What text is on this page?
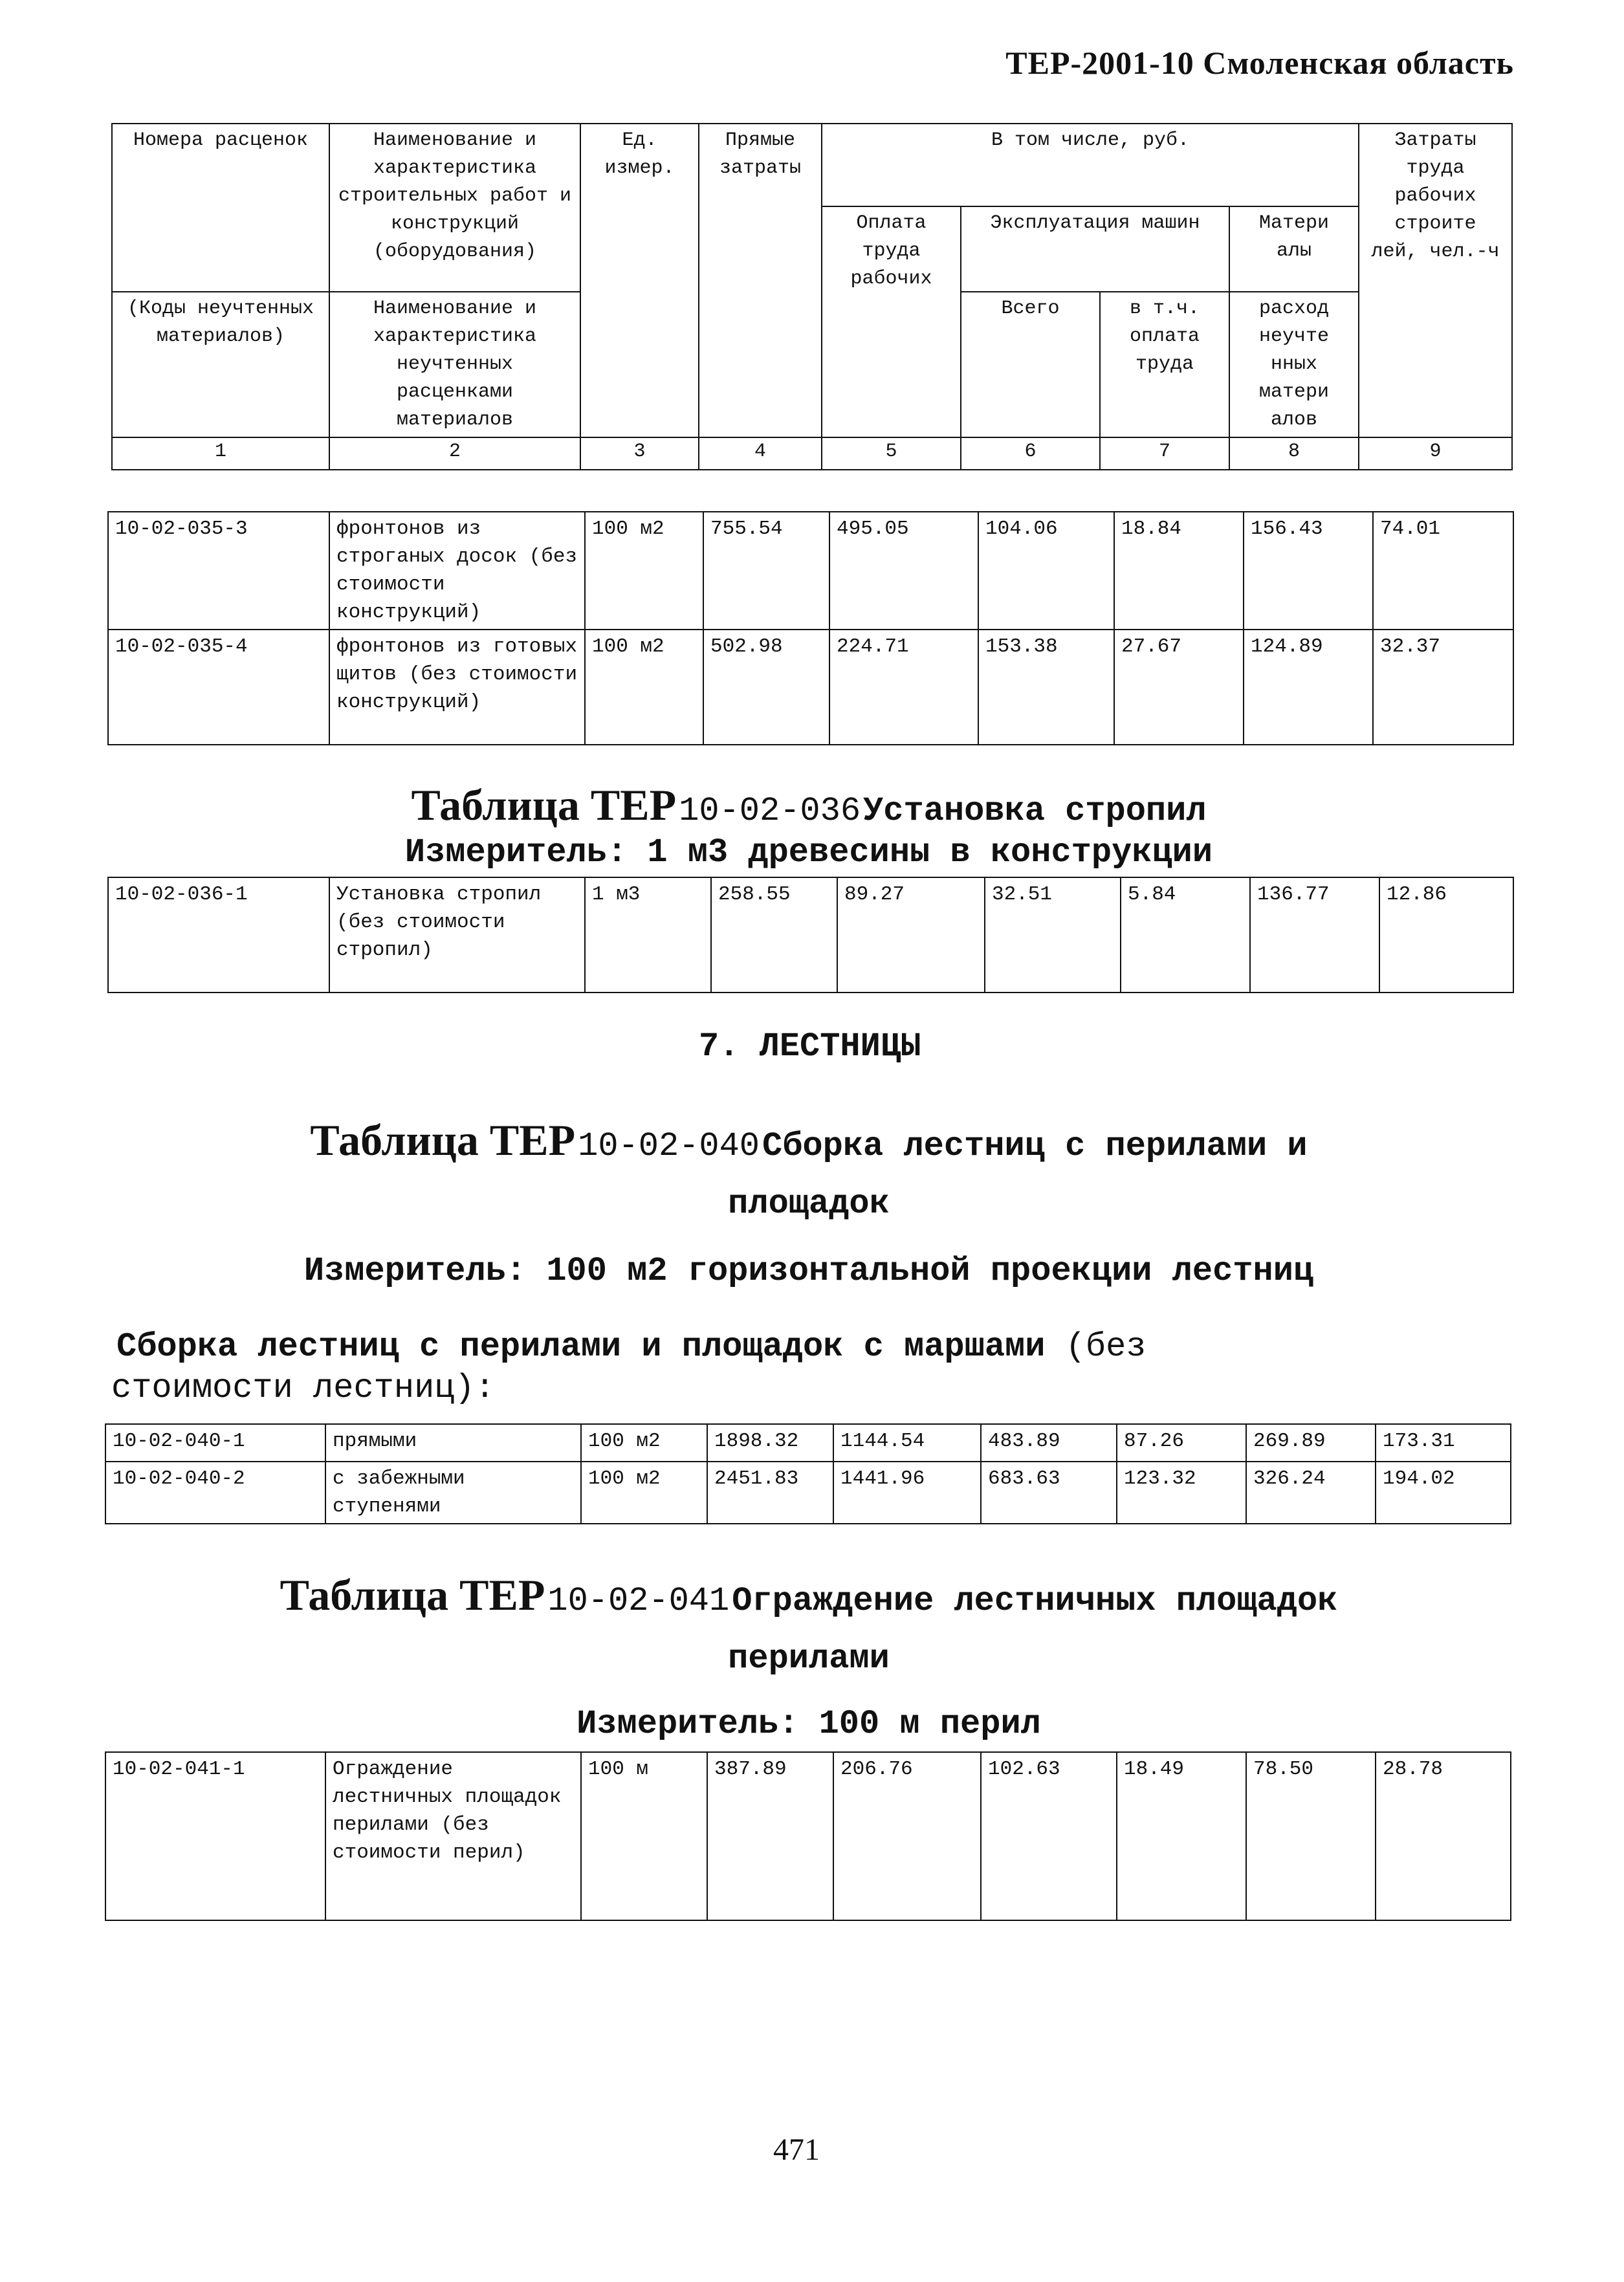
ТЕР-2001-10 Смоленская область
Номера расценок	Наименование и характеристика строительных работ и конструкций (оборудования)	Ед. измер.	Прямые затраты	В том числе, руб.				Затраты труда рабочих строите лей, чел.-ч
				Оплата труда рабочих	Эксплуатация машин		Матери алы	
(Коды неучтенных материалов)	Наименование и характеристика неучтенных расценками материалов				Всего	в т.ч. оплата труда	расход неучте нных матери алов	

1	2	3	4	5	6	7	8	9
10-02-035-3	фронтонов из строганых досок (без стоимости конструкций)	100 м2	755.54	495.05	104.06	18.84	156.43	74.01
10-02-035-4	фронтонов из готовых щитов (без стоимости конструкций)	100 м2	502.98	224.71	153.38	27.67	124.89	32.37
Таблица ТЕР 10-02-036 Установка стропил
Измеритель: 1 м3 древесины в конструкции
10-02-036-1	Установка стропил (без стоимости стропил)	1 м3	258.55	89.27	32.51	5.84	136.77	12.86
7. ЛЕСТНИЦЫ
Таблица ТЕР 10-02-040 Сборка лестниц с перилами и
площадок
Измеритель: 100 м2 горизонтальной проекции лестниц
Сборка лестниц с перилами и площадок с маршами (без
стоимости лестниц):
10-02-040-1	прямыми	100 м2	1898.32	1144.54	483.89	87.26	269.89	173.31
10-02-040-2	с забежными ступенями	100 м2	2451.83	1441.96	683.63	123.32	326.24	194.02
Таблица ТЕР 10-02-041 Ограждение лестничных площадок
перилами
Измеритель: 100 м перил
10-02-041-1	Ограждение лестничных площадок перилами (без стоимости перил)	100 м	387.89	206.76	102.63	18.49	78.50	28.78
471
